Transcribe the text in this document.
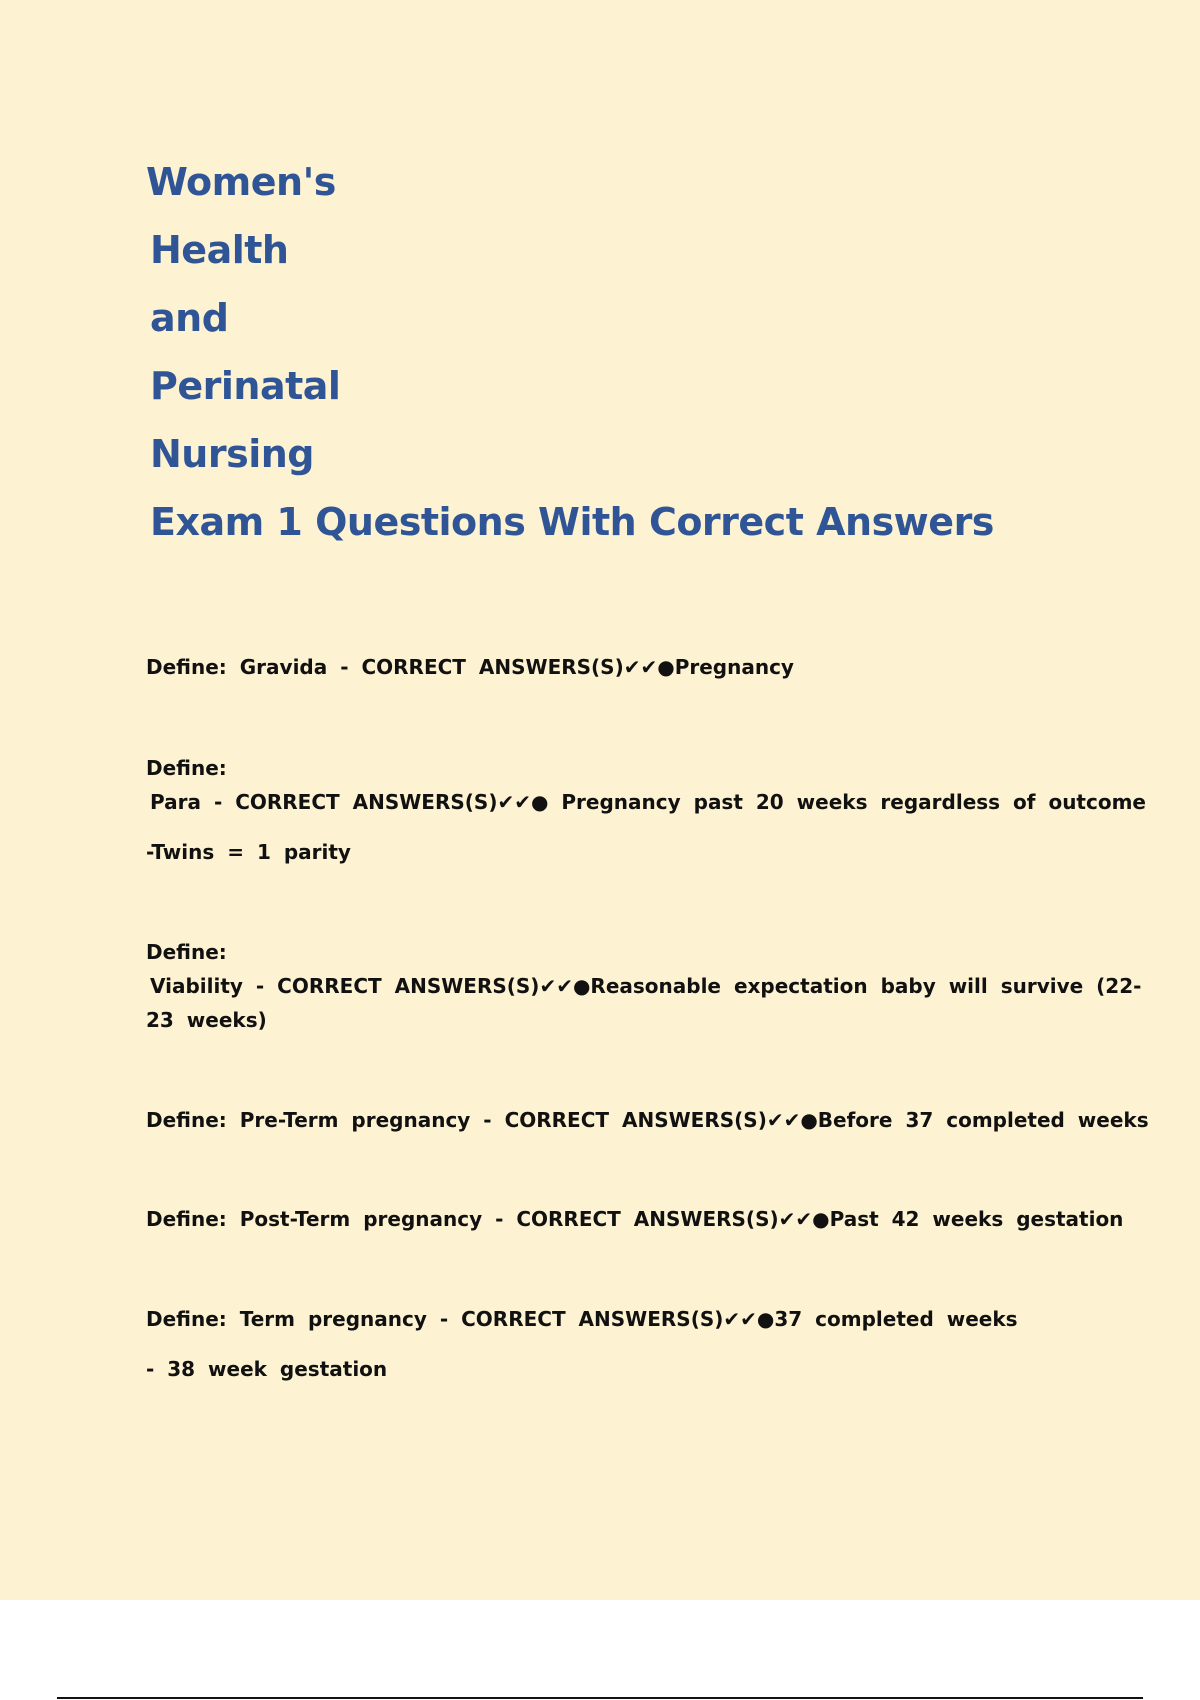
Women's
Health
and
Perinatal
Nursing
Exam 1 Questions With Correct Answers
Define: Gravida - CORRECT ANSWERS(S)✔✔●Pregnancy
Define:
Para - CORRECT ANSWERS(S)✔✔● Pregnancy past 20 weeks regardless of outcome
-Twins = 1 parity
Define:
Viability - CORRECT ANSWERS(S)✔✔●Reasonable expectation baby will survive (22-
23 weeks)
Define: Pre-Term pregnancy - CORRECT ANSWERS(S)✔✔●Before 37 completed weeks
Define: Post-Term pregnancy - CORRECT ANSWERS(S)✔✔●Past 42 weeks gestation
Define: Term pregnancy - CORRECT ANSWERS(S)✔✔●37 completed weeks
- 38 week gestation
